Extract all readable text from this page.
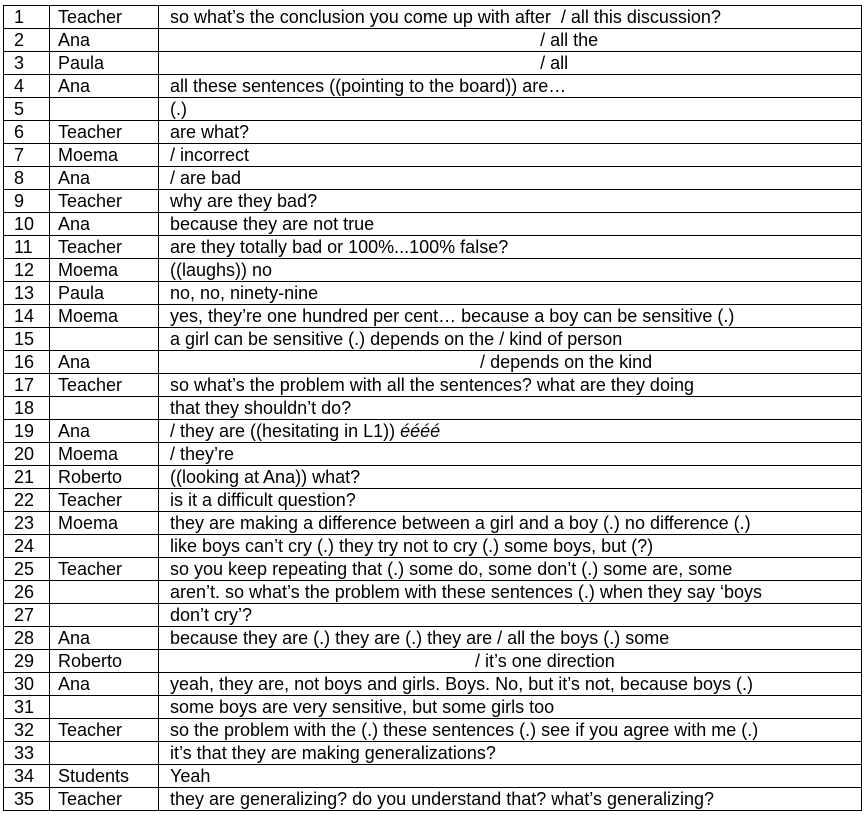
1	Teacher	so what’s the conclusion you come up with after  / all this discussion?
2	Ana	/ all the
3	Paula	/ all
4	Ana	all these sentences ((pointing to the board)) are…
5		(.)
6	Teacher	are what?
7	Moema	/ incorrect
8	Ana	/ are bad
9	Teacher	why are they bad?
10	Ana	because they are not true
11	Teacher	are they totally bad or 100%...100% false?
12	Moema	((laughs)) no
13	Paula	no, no, ninety-nine
14	Moema	yes, they’re one hundred per cent… because a boy can be sensitive (.)
15		a girl can be sensitive (.) depends on the / kind of person
16	Ana	/ depends on the kind
17	Teacher	so what’s the problem with all the sentences? what are they doing
18		that they shouldn’t do?
19	Ana	/ they are ((hesitating in L1)) éééé
20	Moema	/ they’re
21	Roberto	((looking at Ana)) what?
22	Teacher	is it a difficult question?
23	Moema	they are making a difference between a girl and a boy (.) no difference (.)
24		like boys can’t cry (.) they try not to cry (.) some boys, but (?)
25	Teacher	so you keep repeating that (.) some do, some don’t (.) some are, some
26		aren’t. so what’s the problem with these sentences (.) when they say ‘boys
27		don’t cry’?
28	Ana	because they are (.) they are (.) they are / all the boys (.) some
29	Roberto	/ it’s one direction
30	Ana	yeah, they are, not boys and girls. Boys. No, but it’s not, because boys (.)
31		some boys are very sensitive, but some girls too
32	Teacher	so the problem with the (.) these sentences (.) see if you agree with me (.)
33		it’s that they are making generalizations?
34	Students	Yeah
35	Teacher	they are generalizing? do you understand that? what’s generalizing?
